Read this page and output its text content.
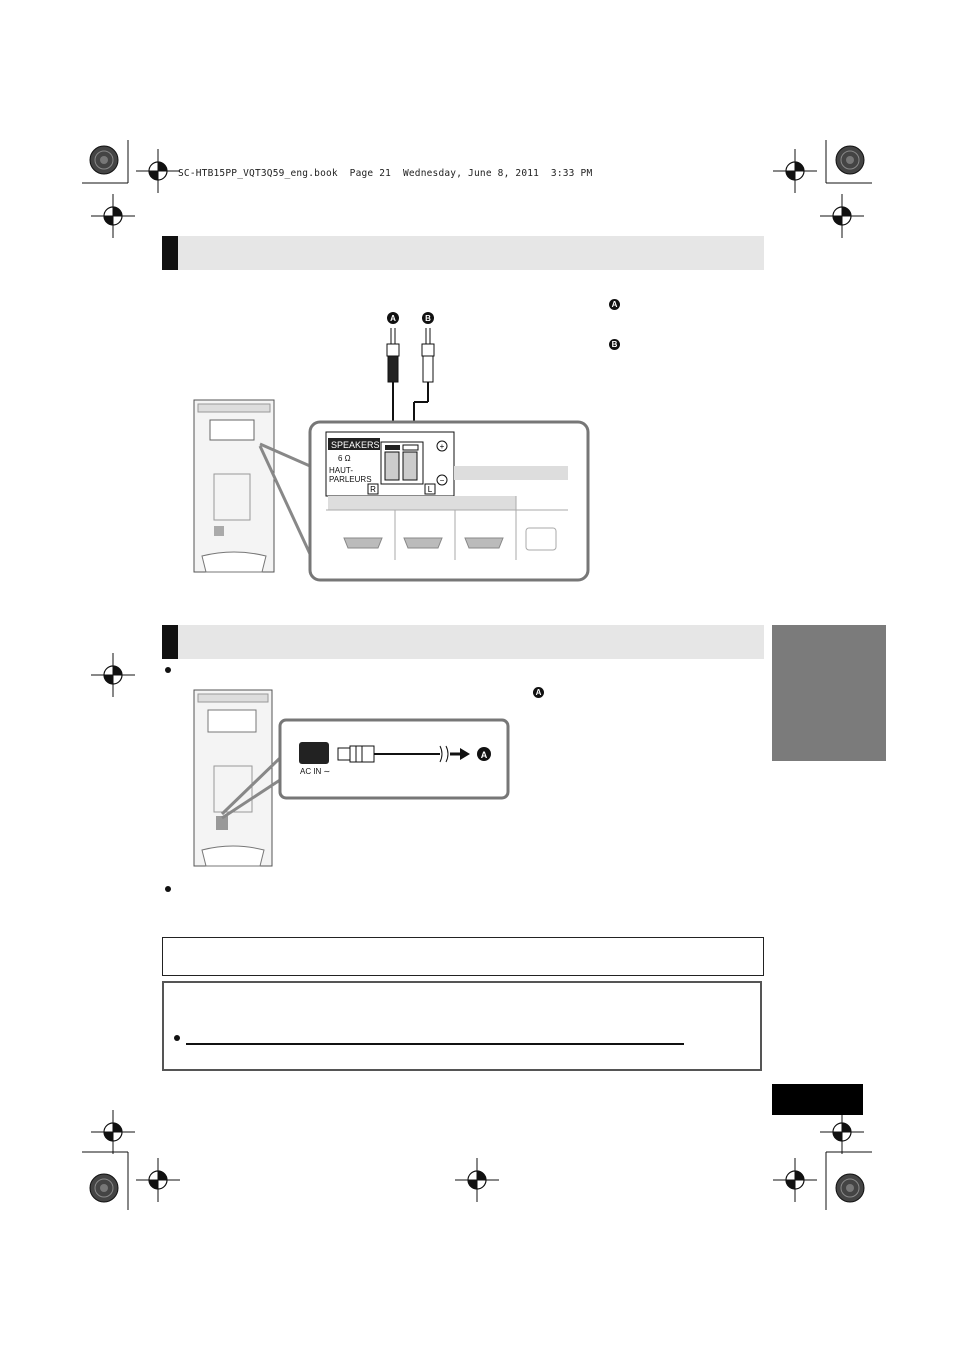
SC-HTB15PP_VQT3Q59_eng.book  Page 21  Wednesday, June 8, 2011  3:33 PM
A
B
A	B
SPEAKERS
6 Ω
HAUT-
PARLEURS
+
−
R	L
A
AC IN ∼
A
